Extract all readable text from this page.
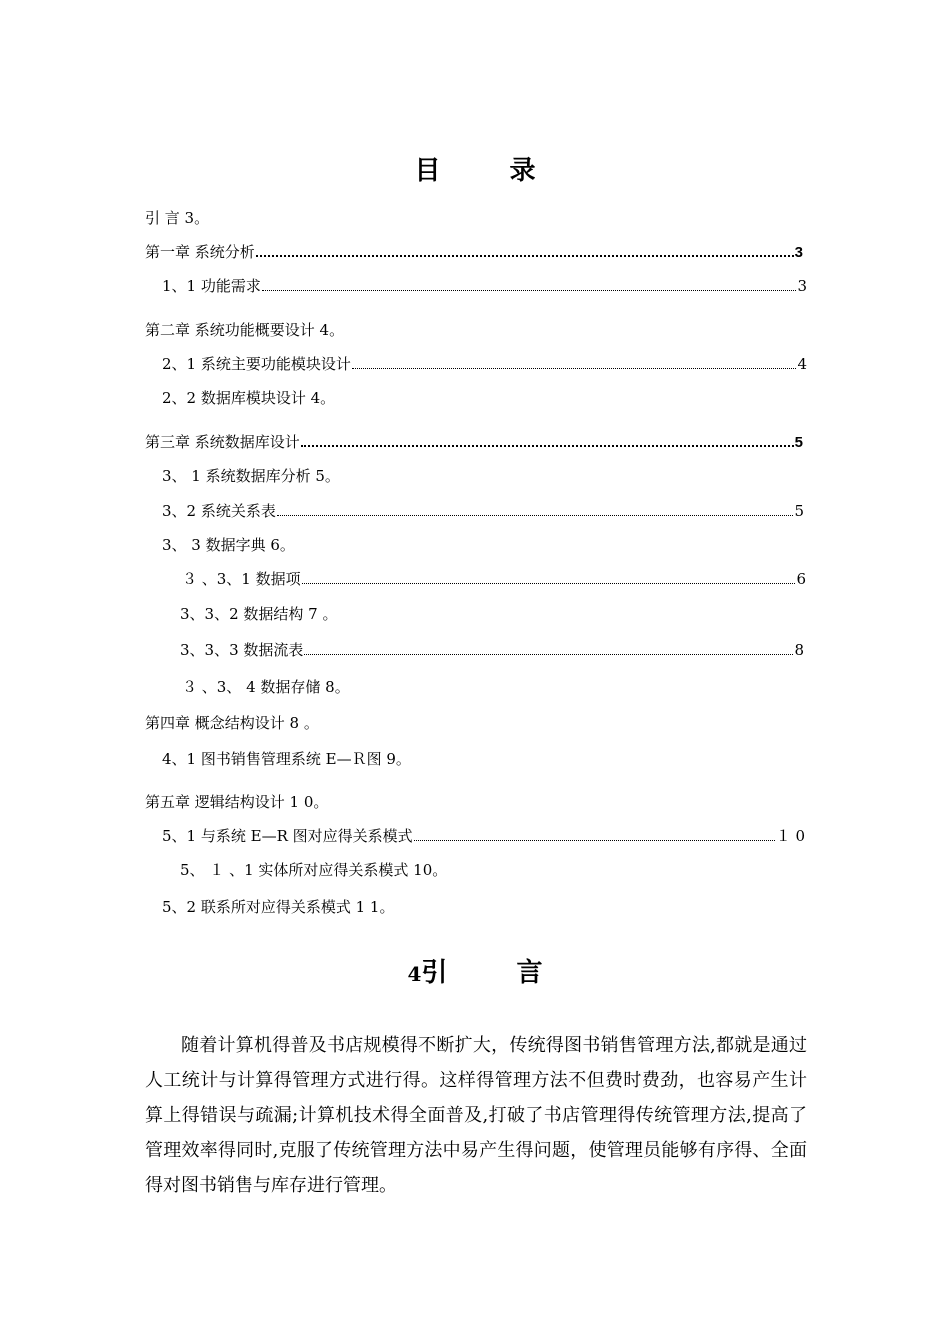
目 录
引 言 3。
第一章 系统分析	3
1、1 功能需求	3
第二章 系统功能概要设计 4。
2、1 系统主要功能模块设计	4
2、2 数据库模块设计 4。
第三章 系统数据库设计	5
3、 1 系统数据库分析 5。
3、2 系统关系表	5
3、 3 数据字典 6。
３ 、3、1 数据项	6
3、3、2 数据结构 7 。
3、3、3 数据流表	8
３ 、3、 4 数据存储 8。
第四章 概念结构设计 8 。
4、1 图书销售管理系统 E—Ｒ图 9。
第五章 逻辑结构设计 1 0。
5、1 与系统 E—R 图对应得关系模式	１ 0
5、 １ 、1 实体所对应得关系模式 10。
5、2 联系所对应得关系模式 1 1。
4引 言

随着计算机得普及书店规模得不断扩大，传统得图书销售管理方法,都就是通过人工统计与计算得管理方式进行得。这样得管理方法不但费时费劲，也容易产生计算上得错误与疏漏;计算机技术得全面普及,打破了书店管理得传统管理方法,提高了管理效率得同时,克服了传统管理方法中易产生得问题，使管理员能够有序得、全面得对图书销售与库存进行管理。
